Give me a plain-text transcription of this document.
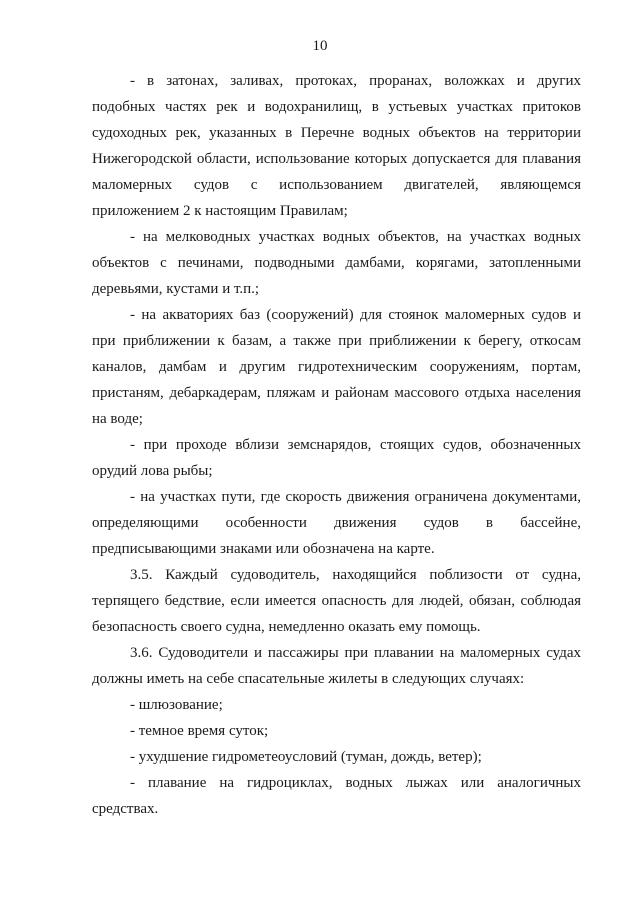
10

- в затонах, заливах, протоках, проранах, воложках и других подобных частях рек и водохранилищ, в устьевых участках притоков судоходных рек, указанных в Перечне водных объектов на территории Нижегородской области, использование которых допускается для плавания маломерных судов с использованием двигателей, являющемся приложением 2 к настоящим Правилам;

- на мелководных участках водных объектов, на участках водных объектов с печинами, подводными дамбами, корягами, затопленными деревьями, кустами и т.п.;

- на акваториях баз (сооружений) для стоянок маломерных судов и при приближении к базам, а также при приближении к берегу, откосам каналов, дамбам и другим гидротехническим сооружениям, портам, пристаням, дебаркадерам, пляжам и районам массового отдыха населения на воде;

- при проходе вблизи земснарядов, стоящих судов, обозначенных орудий лова рыбы;

- на участках пути, где скорость движения ограничена документами, определяющими особенности движения судов в бассейне, предписывающими знаками или обозначена на карте.

3.5. Каждый судоводитель, находящийся поблизости от судна, терпящего бедствие, если имеется опасность для людей, обязан, соблюдая безопасность своего судна, немедленно оказать ему помощь.

3.6. Судоводители и пассажиры при плавании на маломерных судах должны иметь на себе спасательные жилеты в следующих случаях:

- шлюзование;

- темное время суток;

- ухудшение гидрометеоусловий (туман, дождь, ветер);

- плавание на гидроциклах, водных лыжах или аналогичных средствах.
